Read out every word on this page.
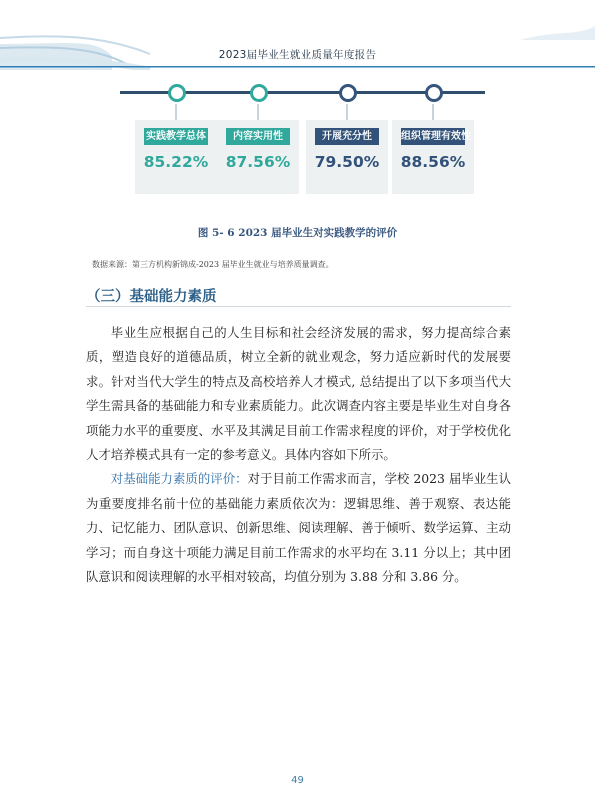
2023届毕业生就业质量年度报告
实践教学总体
85.22%
内容实用性
87.56%
开展充分性
79.50%
组织管理有效性
88.56%
图 5- 6 2023 届毕业生对实践教学的评价
数据来源：第三方机构新锦成-2023 届毕业生就业与培养质量调查。
（三）基础能力素质

毕业生应根据自己的人生目标和社会经济发展的需求，努力提高综合素质，塑造良好的道德品质，树立全新的就业观念，努力适应新时代的发展要求。针对当代大学生的特点及高校培养人才模式, 总结提出了以下多项当代大学生需具备的基础能力和专业素质能力。此次调查内容主要是毕业生对自身各项能力水平的重要度、水平及其满足目前工作需求程度的评价，对于学校优化人才培养模式具有一定的参考意义。具体内容如下所示。

对基础能力素质的评价：对于目前工作需求而言，学校 2023 届毕业生认为重要度排名前十位的基础能力素质依次为：逻辑思维、善于观察、表达能力、记忆能力、团队意识、创新思维、阅读理解、善于倾听、数学运算、主动学习；而自身这十项能力满足目前工作需求的水平均在 3.11 分以上；其中团队意识和阅读理解的水平相对较高，均值分别为 3.88 分和 3.86 分。

49
